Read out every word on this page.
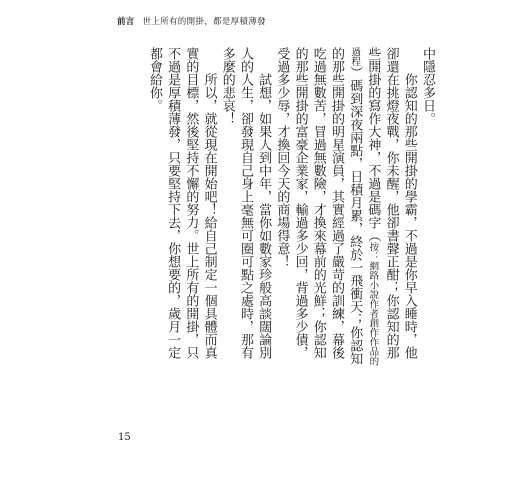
前言 世上所有的開掛，都是厚積薄發

中隱忍多日。

你認知的那些開掛的學霸，不過是你早入睡時，他卻還在挑燈夜戰，你未醒，他卻書聲正酣；你認知的那些開掛的寫作大神，不過是碼字（按：網路小說作者創作作品的過程）碼到深夜兩點，日積月累，終於一飛衝天；你認知的那些開掛的明星演員，其實經過了嚴苛的訓練，幕後吃過無數苦，冒過無數險，才換來幕前的光鮮；你認知的那些開掛的富豪企業家，輸過多少回，背過多少債，受過多少辱，才換回今天的商場得意！

試想，如果人到中年，當你如數家珍般高談闊論別人的人生，卻發現自己身上毫無可圈可點之處時，那有多麼的悲哀！

所以，就從現在開始吧！給自己制定一個具體而真實的目標，然後堅持不懈的努力。世上所有的開掛，只不過是厚積薄發，只要堅持下去，你想要的，歲月一定都會給你。

15
